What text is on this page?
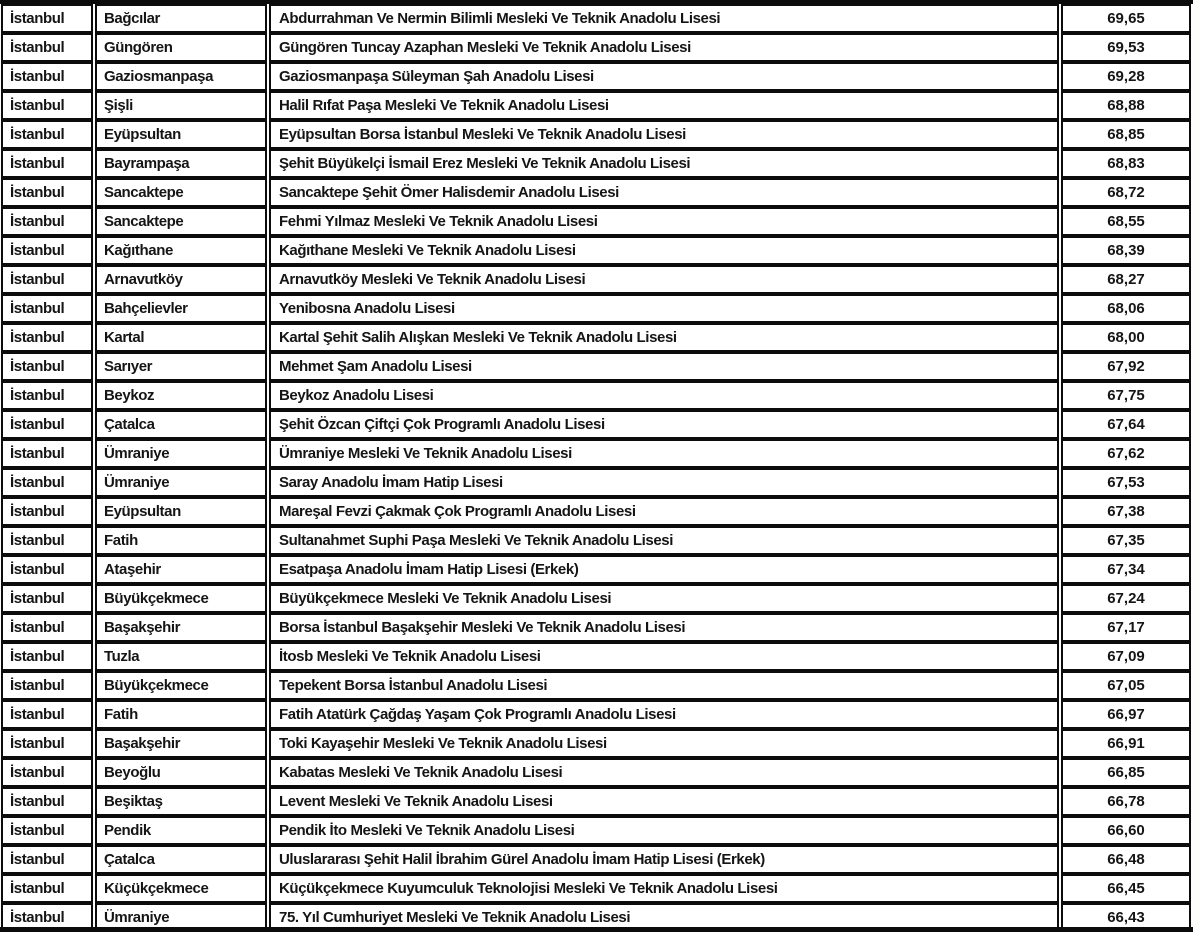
İstanbul	Bağcılar	Abdurrahman Ve Nermin Bilimli Mesleki Ve Teknik Anadolu Lisesi	69,65
İstanbul	Güngören	Güngören Tuncay Azaphan Mesleki Ve Teknik Anadolu Lisesi	69,53
İstanbul	Gaziosmanpaşa	Gaziosmanpaşa Süleyman Şah Anadolu Lisesi	69,28
İstanbul	Şişli	Halil Rıfat Paşa Mesleki Ve Teknik Anadolu Lisesi	68,88
İstanbul	Eyüpsultan	Eyüpsultan Borsa İstanbul Mesleki Ve Teknik Anadolu Lisesi	68,85
İstanbul	Bayrampaşa	Şehit Büyükelçi İsmail Erez Mesleki Ve Teknik Anadolu Lisesi	68,83
İstanbul	Sancaktepe	Sancaktepe Şehit Ömer Halisdemir Anadolu Lisesi	68,72
İstanbul	Sancaktepe	Fehmi Yılmaz Mesleki Ve Teknik Anadolu Lisesi	68,55
İstanbul	Kağıthane	Kağıthane Mesleki Ve Teknik Anadolu Lisesi	68,39
İstanbul	Arnavutköy	Arnavutköy Mesleki Ve Teknik Anadolu Lisesi	68,27
İstanbul	Bahçelievler	Yenibosna Anadolu Lisesi	68,06
İstanbul	Kartal	Kartal Şehit Salih Alışkan Mesleki Ve Teknik Anadolu Lisesi	68,00
İstanbul	Sarıyer	Mehmet Şam Anadolu Lisesi	67,92
İstanbul	Beykoz	Beykoz Anadolu Lisesi	67,75
İstanbul	Çatalca	Şehit Özcan Çiftçi Çok Programlı Anadolu Lisesi	67,64
İstanbul	Ümraniye	Ümraniye Mesleki Ve Teknik Anadolu Lisesi	67,62
İstanbul	Ümraniye	Saray Anadolu İmam Hatip Lisesi	67,53
İstanbul	Eyüpsultan	Mareşal Fevzi Çakmak Çok Programlı Anadolu Lisesi	67,38
İstanbul	Fatih	Sultanahmet Suphi Paşa Mesleki Ve Teknik Anadolu Lisesi	67,35
İstanbul	Ataşehir	Esatpaşa Anadolu İmam Hatip Lisesi (Erkek)	67,34
İstanbul	Büyükçekmece	Büyükçekmece Mesleki Ve Teknik Anadolu Lisesi	67,24
İstanbul	Başakşehir	Borsa İstanbul Başakşehir Mesleki Ve Teknik Anadolu Lisesi	67,17
İstanbul	Tuzla	İtosb Mesleki Ve Teknik Anadolu Lisesi	67,09
İstanbul	Büyükçekmece	Tepekent Borsa İstanbul Anadolu Lisesi	67,05
İstanbul	Fatih	Fatih Atatürk Çağdaş Yaşam Çok Programlı Anadolu Lisesi	66,97
İstanbul	Başakşehir	Toki Kayaşehir Mesleki Ve Teknik Anadolu Lisesi	66,91
İstanbul	Beyoğlu	Kabatas Mesleki Ve Teknik Anadolu Lisesi	66,85
İstanbul	Beşiktaş	Levent Mesleki Ve Teknik Anadolu Lisesi	66,78
İstanbul	Pendik	Pendik İto Mesleki Ve Teknik Anadolu Lisesi	66,60
İstanbul	Çatalca	Uluslararası Şehit Halil İbrahim Gürel Anadolu İmam Hatip Lisesi (Erkek)	66,48
İstanbul	Küçükçekmece	Küçükçekmece Kuyumculuk Teknolojisi Mesleki Ve Teknik Anadolu Lisesi	66,45
İstanbul	Ümraniye	75. Yıl Cumhuriyet Mesleki Ve Teknik Anadolu Lisesi	66,43
